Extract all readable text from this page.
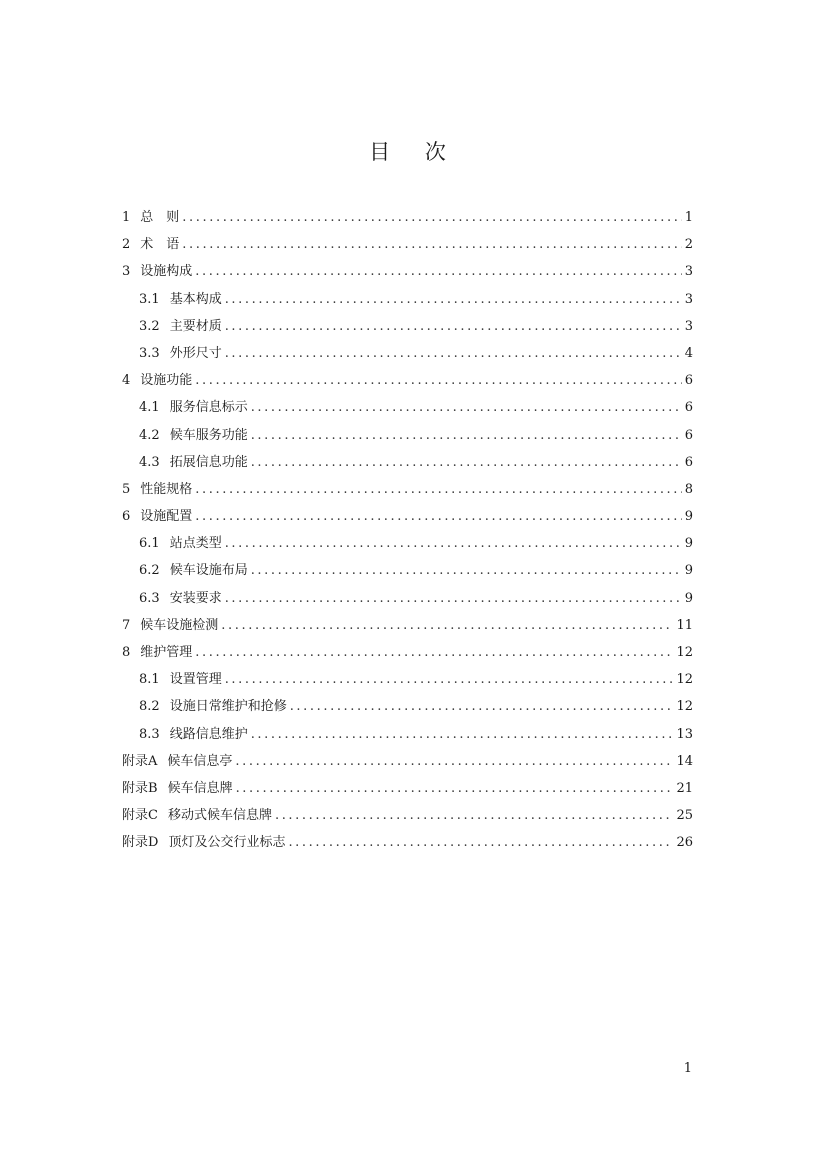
目 次
1 总　则 .....	1
2 术　语 .....	2
3 设施构成 .....	3
3.1 基本构成 .....	3
3.2 主要材质 .....	3
3.3 外形尺寸 .....	4
4 设施功能 .....	6
4.1 服务信息标示 .....	6
4.2 候车服务功能 .....	6
4.3 拓展信息功能 .....	6
5 性能规格 .....	8
6 设施配置 .....	9
6.1 站点类型 .....	9
6.2 候车设施布局 .....	9
6.3 安装要求 .....	9
7 候车设施检测 .....	11
8 维护管理 .....	12
8.1 设置管理 .....	12
8.2 设施日常维护和抢修 .....	12
8.3 线路信息维护 .....	13
附录A 候车信息亭 .....	14
附录B 候车信息牌 .....	21
附录C 移动式候车信息牌 .....	25
附录D 顶灯及公交行业标志 .....	26
1
